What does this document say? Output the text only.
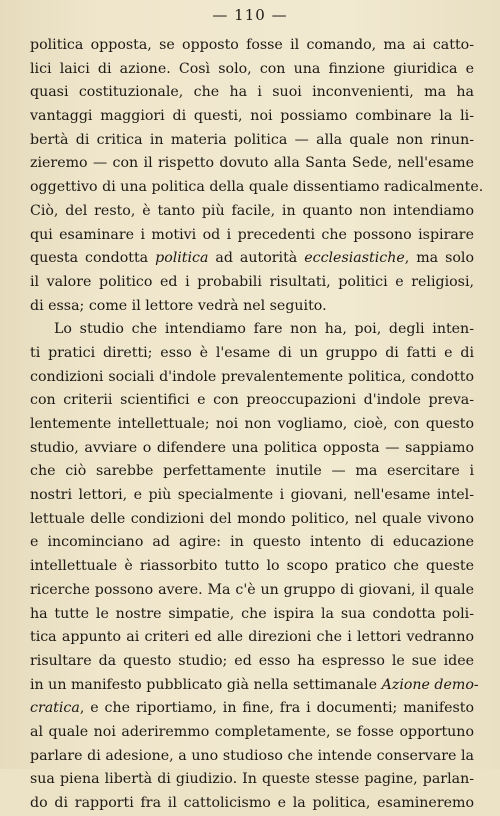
— 110 —
politica opposta, se opposto fosse il comando, ma ai catto-
lici laici di azione. Così solo, con una finzione giuridica e
quasi costituzionale, che ha i suoi inconvenienti, ma ha
vantaggi maggiori di questi, noi possiamo combinare la li-
bertà di critica in materia politica — alla quale non rinun-
zieremo — con il rispetto dovuto alla Santa Sede, nell'esame
oggettivo di una politica della quale dissentiamo radicalmente.
Ciò, del resto, è tanto più facile, in quanto non intendiamo
qui esaminare i motivi od i precedenti che possono ispirare
questa condotta politica ad autorità ecclesiastiche, ma solo
il valore politico ed i probabili risultati, politici e religiosi,
di essa; come il lettore vedrà nel seguito.
Lo studio che intendiamo fare non ha, poi, degli inten-
ti pratici diretti; esso è l'esame di un gruppo di fatti e di
condizioni sociali d'indole prevalentemente politica, condotto
con criterii scientifici e con preoccupazioni d'indole preva-
lentemente intellettuale; noi non vogliamo, cioè, con questo
studio, avviare o difendere una politica opposta — sappiamo
che ciò sarebbe perfettamente inutile — ma esercitare i
nostri lettori, e più specialmente i giovani, nell'esame intel-
lettuale delle condizioni del mondo politico, nel quale vivono
e incominciano ad agire: in questo intento di educazione
intellettuale è riassorbito tutto lo scopo pratico che queste
ricerche possono avere. Ma c'è un gruppo di giovani, il quale
ha tutte le nostre simpatie, che ispira la sua condotta poli-
tica appunto ai criteri ed alle direzioni che i lettori vedranno
risultare da questo studio; ed esso ha espresso le sue idee
in un manifesto pubblicato già nella settimanale Azione demo-
cratica, e che riportiamo, in fine, fra i documenti; manifesto
al quale noi aderiremmo completamente, se fosse opportuno
parlare di adesione, a uno studioso che intende conservare la
sua piena libertà di giudizio. In queste stesse pagine, parlan-
do di rapporti fra il cattolicismo e la politica, esamineremo
